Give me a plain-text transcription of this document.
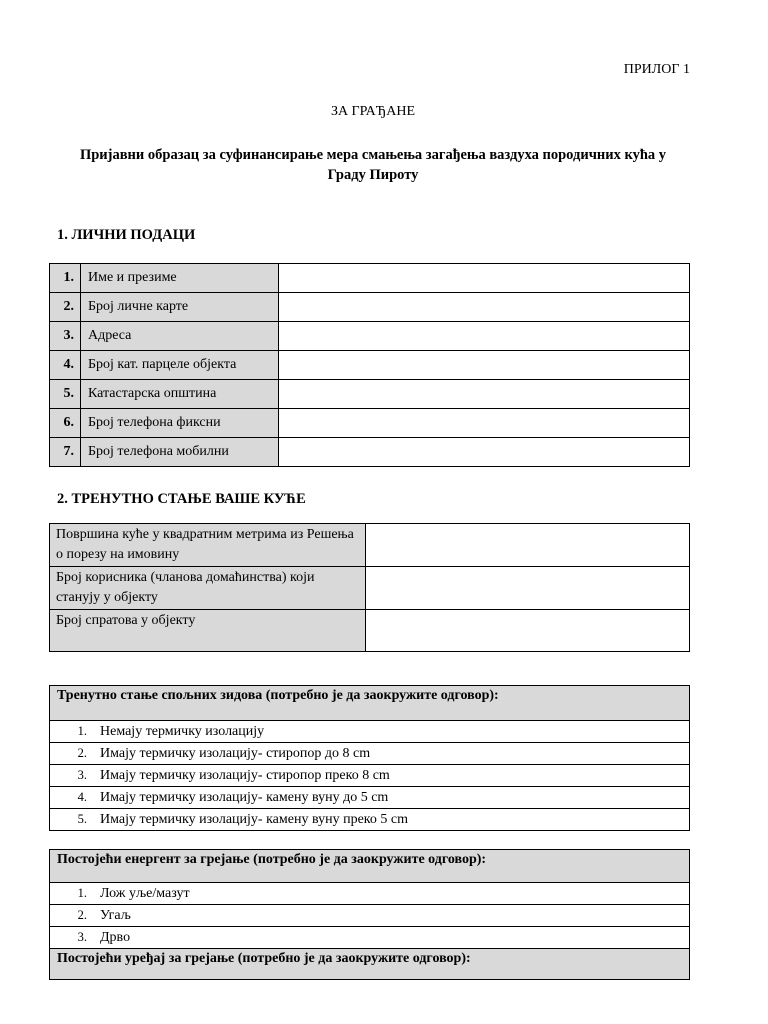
ПРИЛОГ 1
ЗА ГРАЂАНЕ
Пријавни образац за суфинансирање мера смањења загађења ваздуха породичних кућа у Граду Пироту
1. ЛИЧНИ ПОДАЦИ
1.	Име и презиме	
2.	Број личне карте	
3.	Адреса	
4.	Број кат. парцеле објекта	
5.	Катастарска општина	
6.	Број телефона фиксни	
7.	Број телефона мобилни	
2. ТРЕНУТНО СТАЊЕ ВАШЕ КУЋЕ
Површина куће у квадратним метрима из Решења о порезу на имовину	
Број корисника (чланова домаћинства) који станују у објекту	
Број спратова у објекту	
Тренутно стање спољних зидова (потребно је да заокружите одговор):
1. Немају термичку изолацију
2. Имају термичку изолацију- стиропор до 8 cm
3. Имају термичку изолацију- стиропор преко 8 cm
4. Имају термичку изолацију- камену вуну до 5 cm
5. Имају термичку изолацију- камену вуну преко 5 cm
Постојећи енергент за грејање (потребно је да заокружите одговор):
1. Лож уље/мазут
2. Угаљ
3. Дрво
Постојећи уређај за грејање (потребно је да заокружите одговор):
